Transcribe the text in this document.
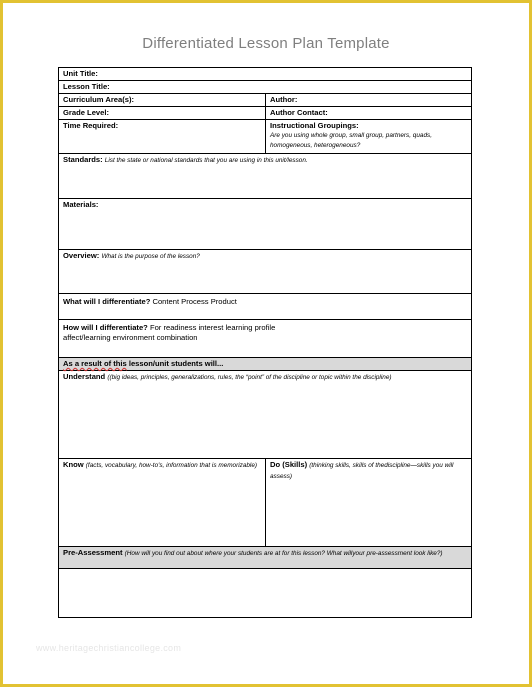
Differentiated Lesson Plan Template
Unit Title:
Lesson Title:
Curriculum Area(s):	Author:
Grade Level:	Author Contact:
Time Required:	Instructional Groupings:
Are you using whole group, small group, partners, quads, homogeneous, heterogeneous?
Standards: List the state or national standards that you are using in this unit/lesson.
Materials:
Overview: What is the purpose of the lesson?
What will I differentiate? Content Process Product
How will I differentiate? For readiness interest learning profile
affect/learning environment combination
As a result of this lesson/unit students will...
Understand ((big ideas, principles, generalizations, rules, the “point” of the discipline or topic within the discipline)
Know (facts, vocabulary, how-to's, information that is memorizable)	Do (Skills) (thinking skills, skills of thediscipline—skills you will assess)
Pre-Assessment (How will you find out about where your students are at for this lesson? What willyour pre-assessment look like?)
www.heritagechristiancollege.com
